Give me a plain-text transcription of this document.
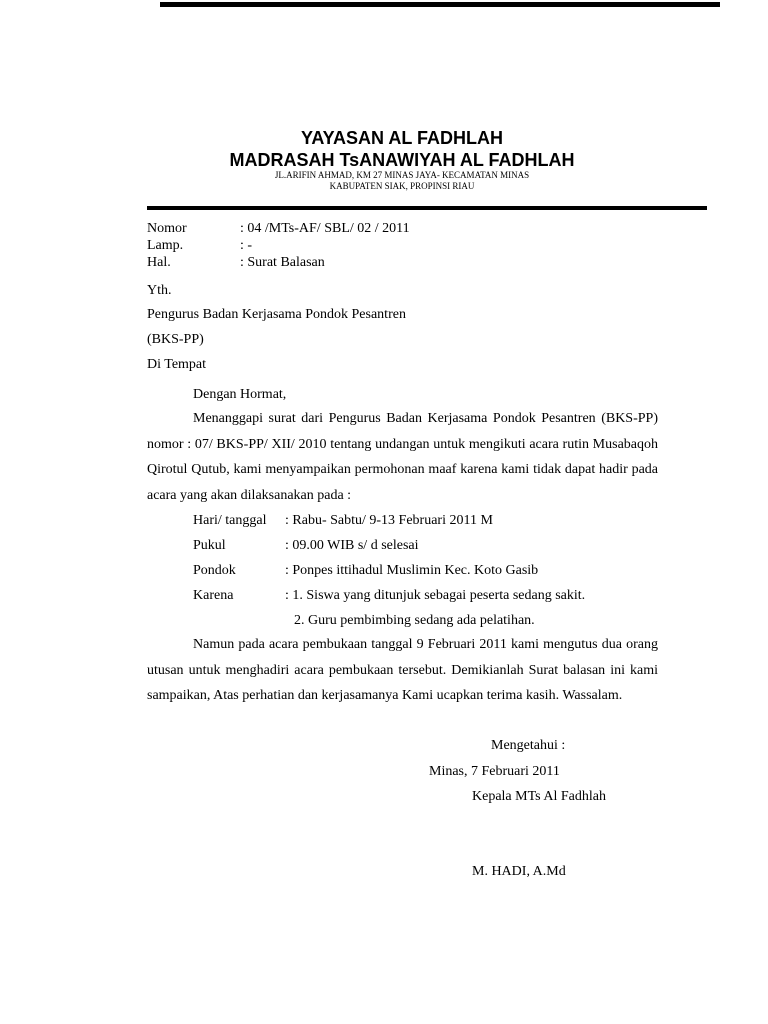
YAYASAN AL FADHLAH
MADRASAH TsANAWIYAH AL FADHLAH
JL.ARIFIN AHMAD, KM 27 MINAS JAYA- KECAMATAN MINAS
KABUPATEN SIAK, PROPINSI RIAU
Nomor	: 04 /MTs-AF/ SBL/ 02 / 2011
Lamp.	: -
Hal.	: Surat Balasan
Yth.
Pengurus Badan Kerjasama Pondok Pesantren
(BKS-PP)
Di Tempat
Dengan Hormat,
Menanggapi surat dari Pengurus Badan Kerjasama Pondok Pesantren (BKS-PP) nomor : 07/ BKS-PP/ XII/ 2010 tentang undangan untuk mengikuti acara rutin Musabaqoh Qirotul Qutub, kami menyampaikan permohonan maaf karena kami tidak dapat hadir pada acara yang akan dilaksanakan pada :
Hari/ tanggal : Rabu- Sabtu/ 9-13 Februari 2011 M
Pukul	: 09.00 WIB s/ d selesai
Pondok	: Ponpes ittihadul Muslimin Kec. Koto Gasib
Karena	: 1. Siswa yang ditunjuk sebagai peserta sedang sakit.
2. Guru pembimbing sedang ada pelatihan.
Namun pada acara pembukaan tanggal 9 Februari 2011 kami mengutus dua orang utusan untuk menghadiri acara pembukaan tersebut. Demikianlah Surat balasan ini kami sampaikan, Atas perhatian dan kerjasamanya Kami ucapkan terima kasih. Wassalam.
Mengetahui :
Minas, 7 Februari 2011
Kepala MTs Al Fadhlah
M. HADI, A.Md
